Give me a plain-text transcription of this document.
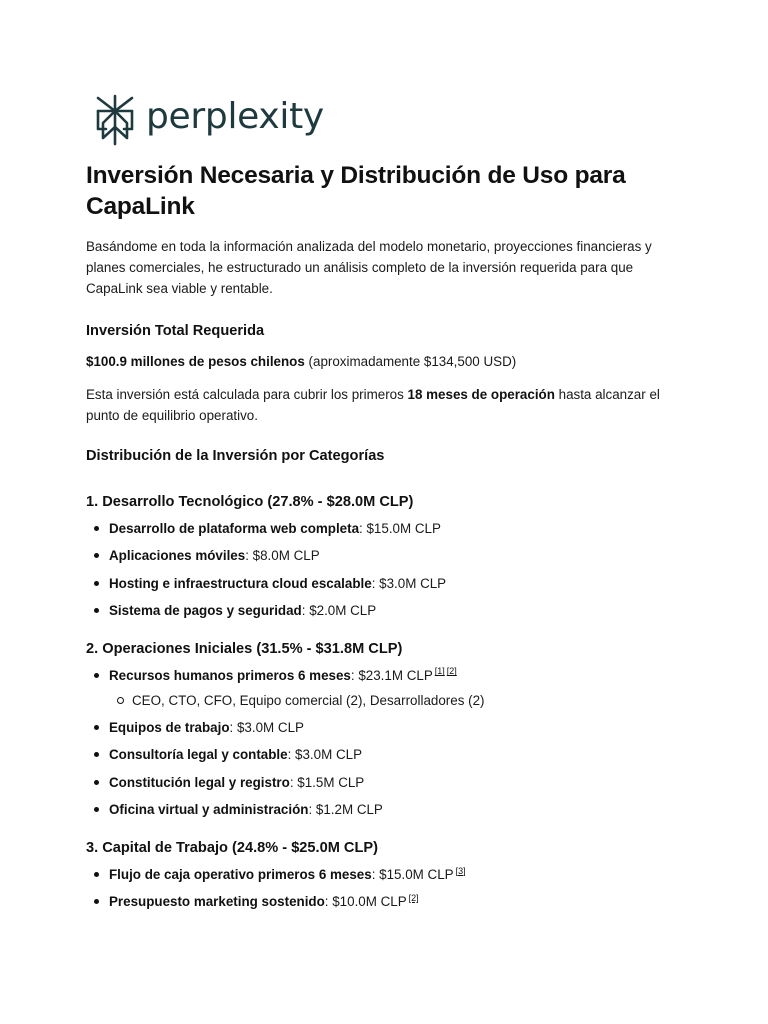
perplexity
Inversión Necesaria y Distribución de Uso para CapaLink

Basándome en toda la información analizada del modelo monetario, proyecciones financieras y planes comerciales, he estructurado un análisis completo de la inversión requerida para que CapaLink sea viable y rentable.

Inversión Total Requerida

$100.9 millones de pesos chilenos (aproximadamente $134,500 USD)

Esta inversión está calculada para cubrir los primeros 18 meses de operación hasta alcanzar el punto de equilibrio operativo.

Distribución de la Inversión por Categorías
1. Desarrollo Tecnológico (27.8% - $28.0M CLP)
Desarrollo de plataforma web completa: $15.0M CLP
Aplicaciones móviles: $8.0M CLP
Hosting e infraestructura cloud escalable: $3.0M CLP
Sistema de pagos y seguridad: $2.0M CLP
2. Operaciones Iniciales (31.5% - $31.8M CLP)
Recursos humanos primeros 6 meses: $23.1M CLP [1] [2]
CEO, CTO, CFO, Equipo comercial (2), Desarrolladores (2)
Equipos de trabajo: $3.0M CLP
Consultoría legal y contable: $3.0M CLP
Constitución legal y registro: $1.5M CLP
Oficina virtual y administración: $1.2M CLP
3. Capital de Trabajo (24.8% - $25.0M CLP)
Flujo de caja operativo primeros 6 meses: $15.0M CLP [3]
Presupuesto marketing sostenido: $10.0M CLP [2]
